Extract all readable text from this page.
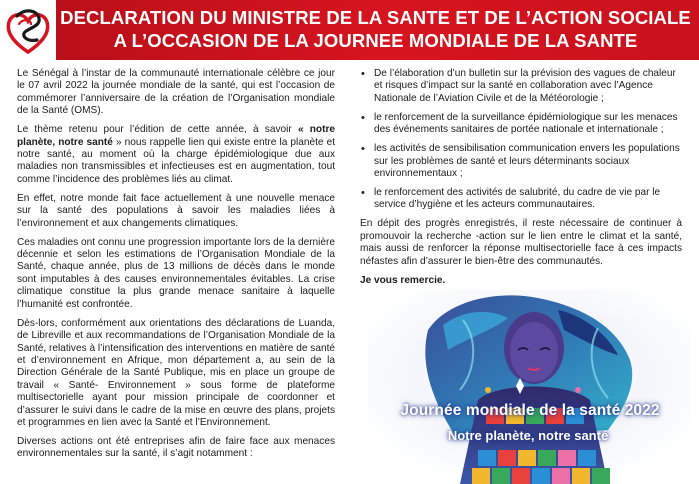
DECLARATION DU MINISTRE DE LA SANTE ET DE L’ACTION SOCIALE
A L’OCCASION DE LA JOURNEE MONDIALE DE LA SANTE

Le Sénégal à l’instar de la communauté internationale célèbre ce jour le 07 avril 2022 la journée mondiale de la santé, qui est l’occasion de commémorer l’anniversaire de la création de l’Organisation mondiale de la Santé (OMS).

Le thème retenu pour l’édition de cette année, à savoir « notre planète, notre santé » nous rappelle lien qui existe entre la planète et notre santé, au moment où la charge épidémiologique due aux maladies non transmissibles et infectieuses est en augmentation, tout comme l’incidence des problèmes liés au climat.

En effet, notre monde fait face actuellement à une nouvelle menace sur la santé des populations à savoir les maladies liées à l’environnement et aux changements climatiques.

Ces maladies ont connu une progression importante lors de la dernière décennie et selon les estimations de l’Organisation Mondiale de la Santé, chaque année, plus de 13 millions de décès dans le monde sont imputables à des causes environnementales évitables. La crise climatique constitue la plus grande menace sanitaire à laquelle l’humanité est confrontée.

Dès-lors, conformément aux orientations des déclarations de Luanda, de Libreville et aux recommandations de l’Organisation Mondiale de la Santé, relatives à l’intensification des interventions en matière de santé et d’environnement en Afrique, mon département a, au sein de la Direction Générale de la Santé Publique, mis en place un groupe de travail « Santé- Environnement » sous forme de plateforme multisectorielle ayant pour mission principale de coordonner et d’assurer le suivi dans le cadre de la mise en œuvre des plans, projets et programmes en lien avec la Santé et l’Environnement.

Diverses actions ont été entreprises afin de faire face aux menaces environnementales sur la santé, il s’agit notamment :

• De l’élaboration d’un bulletin sur la prévision des vagues de chaleur et risques d’impact sur la santé en collaboration avec l’Agence Nationale de l’Aviation Civile et de la Météorologie ;
• le renforcement de la surveillance épidémiologique sur les menaces des événements sanitaires de portée nationale et internationale ;
• les activités de sensibilisation communication envers les populations sur les problèmes de santé et leurs déterminants sociaux environnementaux ;
• le renforcement des activités de salubrité, du cadre de vie par le service d’hygiène et les acteurs communautaires.

En dépit des progrès enregistrés, il reste nécessaire de continuer à promouvoir la recherche -action sur le lien entre le climat et la santé, mais aussi de renforcer la réponse multisectorielle face à ces impacts néfastes afin d’assurer le bien-être des communautés.

Je vous remercie.

Journée mondiale de la santé 2022
Notre planète, notre santé
